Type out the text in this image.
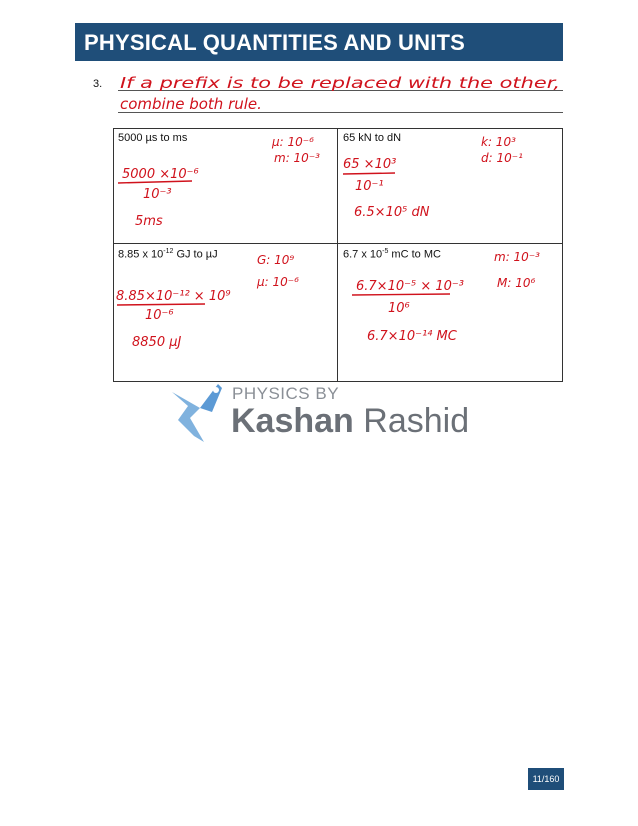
PHYSICAL QUANTITIES AND UNITS
3.
5000 µs to ms	65 kN to dN
8.85 x $10^{-12}$ GJ to µJ	6.7 x $10^{-5}$ mC to MC
If a prefix is to be replaced with the other,
combine both rule.
µ: 10⁻⁶
m: 10⁻³
5000 ×10⁻⁶
10⁻³
5ms
k: 10³
d: 10⁻¹
65 ×10³
10⁻¹
6.5×10⁵ dN
G: 10⁹
µ: 10⁻⁶
8.85×10⁻¹² × 10⁹
10⁻⁶
8850 µJ
m: 10⁻³
M: 10⁶
6.7×10⁻⁵ × 10⁻³
10⁶
6.7×10⁻¹⁴ MC
PHYSICS BY
Kashan Rashid
11/160
